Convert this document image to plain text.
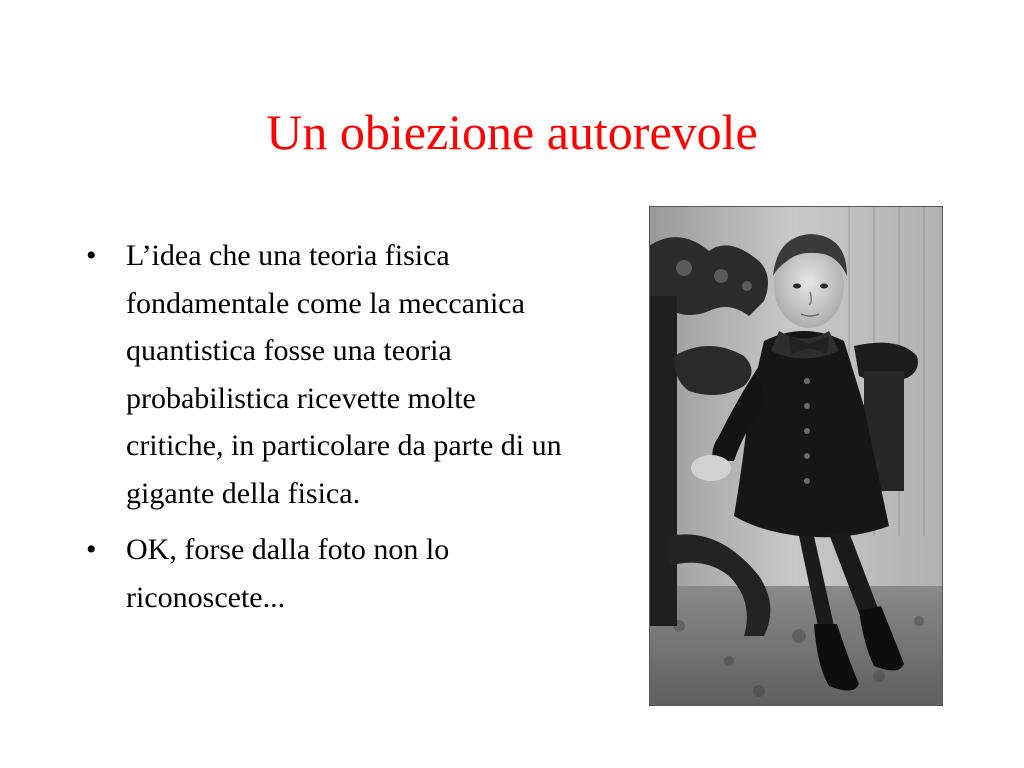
Un obiezione autorevole
• L’idea che una teoria fisica fondamentale come la meccanica quantistica fosse una teoria probabilistica ricevette molte critiche, in particolare da parte di un gigante della fisica.
• OK, forse dalla foto non lo riconoscete...
